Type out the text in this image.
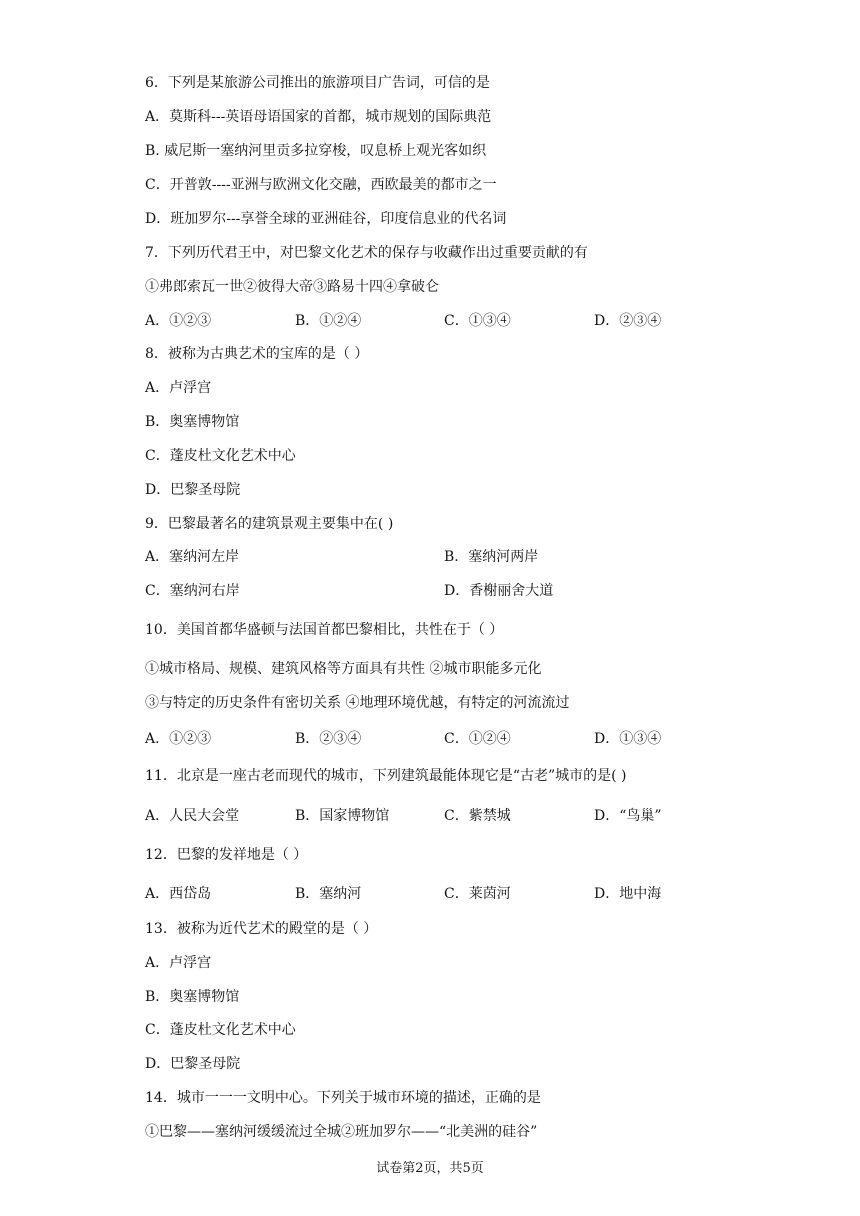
6．下列是某旅游公司推出的旅游项目广告词，可信的是
A．莫斯科---英语母语国家的首都，城市规划的国际典范
B. 威尼斯一塞纳河里贡多拉穿梭，叹息桥上观光客如织
C．开普敦----亚洲与欧洲文化交融，西欧最美的都市之一
D．班加罗尔---享誉全球的亚洲硅谷，印度信息业的代名词
7．下列历代君王中，对巴黎文化艺术的保存与收藏作出过重要贡献的有
①弗郎索瓦一世②彼得大帝③路易十四④拿破仑
A．①②③	B．①②④	C．①③④	D．②③④
8．被称为古典艺术的宝库的是（ ）
A．卢浮宫
B．奥塞博物馆
C．蓬皮杜文化艺术中心
D．巴黎圣母院
9．巴黎最著名的建筑景观主要集中在( )
A．塞纳河左岸	B．塞纳河两岸
C．塞纳河右岸	D．香榭丽舍大道
10．美国首都华盛顿与法国首都巴黎相比，共性在于（ ）
①城市格局、规模、建筑风格等方面具有共性 ②城市职能多元化
③与特定的历史条件有密切关系 ④地理环境优越，有特定的河流流过
A．①②③	B．②③④	C．①②④	D．①③④
11．北京是一座古老而现代的城市，下列建筑最能体现它是“古老”城市的是( )
A．人民大会堂	B．国家博物馆	C．紫禁城	D．“鸟巢”
12．巴黎的发祥地是（ ）
A．西岱岛	B．塞纳河	C．莱茵河	D．地中海
13．被称为近代艺术的殿堂的是（ ）
A．卢浮宫
B．奥塞博物馆
C．蓬皮杜文化艺术中心
D．巴黎圣母院
14．城市一一一文明中心。下列关于城市环境的描述，正确的是
①巴黎——塞纳河缓缓流过全城②班加罗尔——“北美洲的硅谷”
试卷第2页，共5页
